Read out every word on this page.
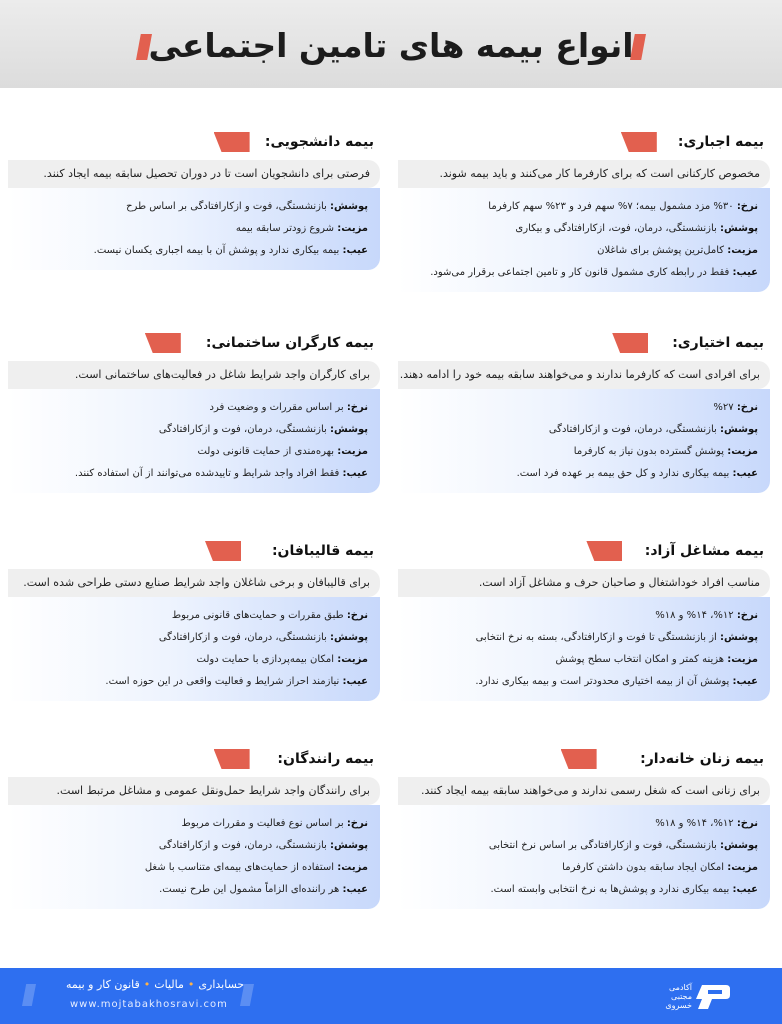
انواع بیمه های تامین اجتماعی
بیمه اجباری:
مخصوص کارکنانی است که برای کارفرما کار می‌کنند و باید بیمه شوند.
نرخ: ۳۰% مزد مشمول بیمه؛ ۷% سهم فرد و ۲۳% سهم کارفرما
پوشش: بازنشستگی، درمان، فوت، ازکارافتادگی و بیکاری
مزیت: کامل‌ترین پوشش برای شاغلان
عیب: فقط در رابطه کاری مشمول قانون کار و تامین اجتماعی برقرار می‌شود.
بیمه دانشجویی:
فرصتی برای دانشجویان است تا در دوران تحصیل سابقه بیمه ایجاد کنند.
پوشش: بازنشستگی، فوت و ازکارافتادگی بر اساس طرح
مزیت: شروع زودتر سابقه بیمه
عیب: بیمه بیکاری ندارد و پوشش آن با بیمه اجباری یکسان نیست.
بیمه اختیاری:
برای افرادی است که کارفرما ندارند و می‌خواهند سابقه بیمه خود را ادامه دهند.
نرخ: ۲۷%
پوشش: بازنشستگی، درمان، فوت و ازکارافتادگی
مزیت: پوشش گسترده بدون نیاز به کارفرما
عیب: بیمه بیکاری ندارد و کل حق بیمه بر عهده فرد است.
بیمه کارگران ساختمانی:
برای کارگران واجد شرایط شاغل در فعالیت‌های ساختمانی است.
نرخ: بر اساس مقررات و وضعیت فرد
پوشش: بازنشستگی، درمان، فوت و ازکارافتادگی
مزیت: بهره‌مندی از حمایت قانونی دولت
عیب: فقط افراد واجد شرایط و تاییدشده می‌توانند از آن استفاده کنند.
بیمه مشاغل آزاد:
مناسب افراد خوداشتغال و صاحبان حرف و مشاغل آزاد است.
نرخ: ۱۲%، ۱۴% و ۱۸%
پوشش: از بازنشستگی تا فوت و ازکارافتادگی، بسته به نرخ انتخابی
مزیت: هزینه کمتر و امکان انتخاب سطح پوشش
عیب: پوشش آن از بیمه اختیاری محدودتر است و بیمه بیکاری ندارد.
بیمه قالیبافان:
برای قالیبافان و برخی شاغلان واجد شرایط صنایع دستی طراحی شده است.
نرخ: طبق مقررات و حمایت‌های قانونی مربوط
پوشش: بازنشستگی، درمان، فوت و ازکارافتادگی
مزیت: امکان بیمه‌پردازی با حمایت دولت
عیب: نیازمند احراز شرایط و فعالیت واقعی در این حوزه است.
بیمه زنان خانه‌دار:
برای زنانی است که شغل رسمی ندارند و می‌خواهند سابقه بیمه ایجاد کنند.
نرخ: ۱۲%، ۱۴% و ۱۸%
پوشش: بازنشستگی، فوت و ازکارافتادگی بر اساس نرخ انتخابی
مزیت: امکان ایجاد سابقه بدون داشتن کارفرما
عیب: بیمه بیکاری ندارد و پوشش‌ها به نرخ انتخابی وابسته است.
بیمه رانندگان:
برای رانندگان واجد شرایط حمل‌ونقل عمومی و مشاغل مرتبط است.
نرخ: بر اساس نوع فعالیت و مقررات مربوط
پوشش: بازنشستگی، درمان، فوت و ازکارافتادگی
مزیت: استفاده از حمایت‌های بیمه‌ای متناسب با شغل
عیب: هر راننده‌ای الزاماً مشمول این طرح نیست.
حسابداری•مالیات•قانون کار و بیمه
www.mojtabakhosravi.com
آکادمی
مجتبی
خسروی
